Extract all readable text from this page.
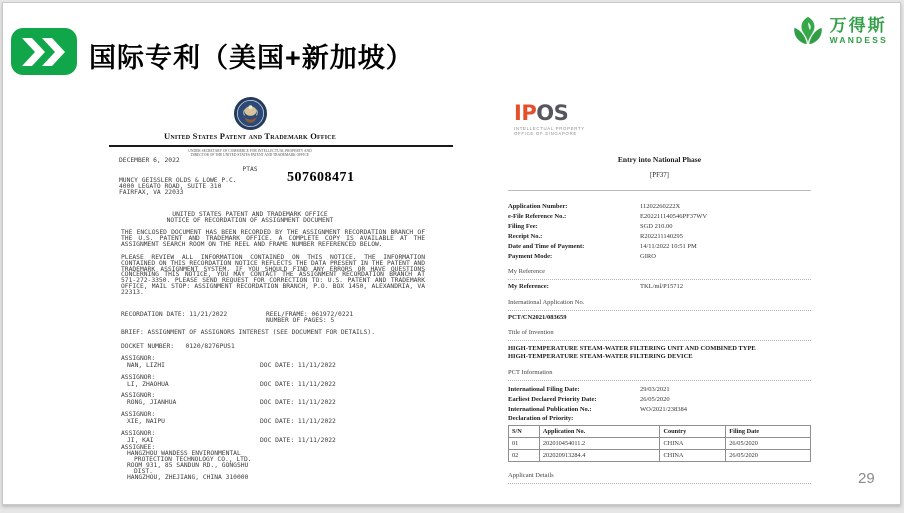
国际专利（美国+新加坡）
万得斯
WANDESS
United States Patent and Trademark Office
UNDER SECRETARY OF COMMERCE FOR INTELLECTUAL PROPERTY AND
DIRECTOR OF THE UNITED STATES PATENT AND TRADEMARK OFFICE
DECEMBER 6, 2022
PTAS
MUNCY GEISSLER OLDS & LOWE P.C.
4000 LEGATO ROAD, SUITE 310
FAIRFAX, VA 22033
507608471
UNITED STATES PATENT AND TRADEMARK OFFICE
NOTICE OF RECORDATION OF ASSIGNMENT DOCUMENT
THE ENCLOSED DOCUMENT HAS BEEN RECORDED BY THE ASSIGNMENT RECORDATION BRANCH OF THE U.S. PATENT AND TRADEMARK OFFICE. A COMPLETE COPY IS AVAILABLE AT THE ASSIGNMENT SEARCH ROOM ON THE REEL AND FRAME NUMBER REFERENCED BELOW.
PLEASE REVIEW ALL INFORMATION CONTAINED ON THIS NOTICE. THE INFORMATION CONTAINED ON THIS RECORDATION NOTICE REFLECTS THE DATA PRESENT IN THE PATENT AND TRADEMARK ASSIGNMENT SYSTEM. IF YOU SHOULD FIND ANY ERRORS OR HAVE QUESTIONS CONCERNING THIS NOTICE, YOU MAY CONTACT THE ASSIGNMENT RECORDATION BRANCH AT 571-272-3350. PLEASE SEND REQUEST FOR CORRECTION TO: U.S. PATENT AND TRADEMARK OFFICE, MAIL STOP: ASSIGNMENT RECORDATION BRANCH, P.O. BOX 1450, ALEXANDRIA, VA 22313.
RECORDATION DATE: 11/21/2022	REEL/FRAME: 061972/0221
NUMBER OF PAGES: 5
BRIEF: ASSIGNMENT OF ASSIGNORS INTEREST (SEE DOCUMENT FOR DETAILS).
DOCKET NUMBER:   0120/8276PUS1
ASSIGNOR:
NAN, LIZHI	DOC DATE: 11/11/2022
ASSIGNOR:
LI, ZHAOHUA	DOC DATE: 11/11/2022
ASSIGNOR:
RONG, JIANHUA	DOC DATE: 11/11/2022
ASSIGNOR:
XIE, NAIPU	DOC DATE: 11/11/2022
ASSIGNOR:
JI, KAI	DOC DATE: 11/11/2022
ASSIGNEE:
HANGZHOU WANDESS ENVIRONMENTAL
PROTECTION TECHNOLOGY CO., LTD.
ROOM 931, 85 SANDUN RD., GONGSHU
DIST.
HANGZHOU, ZHEJIANG, CHINA 310000
IPOS
INTELLECTUAL PROPERTY
OFFICE OF SINGAPORE
Entry into National Phase
[PF37]
Application Number:	11202260222X
e-File Reference No.:	E202211140546PF37WV
Filing Fee:	SGD 210.00
Receipt No.:	R202211140295
Date and Time of Payment:	14/11/2022 10:51 PM
Payment Mode:	GIRO
My Reference
My Reference:	TKL/ml/P15712
International Application No.
PCT/CN2021/083659
Title of Invention
HIGH-TEMPERATURE STEAM-WATER FILTERING UNIT AND COMBINED TYPE HIGH-TEMPERATURE STEAM-WATER FILTERING DEVICE
PCT Information
International Filing Date:	29/03/2021
Earliest Declared Priority Date:	26/05/2020
International Publication No.:	WO/2021/238384
Declaration of Priority:
S/N	Application No.	Country	Filing Date
01	202010454011.2	CHINA	26/05/2020
02	202020913284.4	CHINA	26/05/2020
Applicant Details	29
